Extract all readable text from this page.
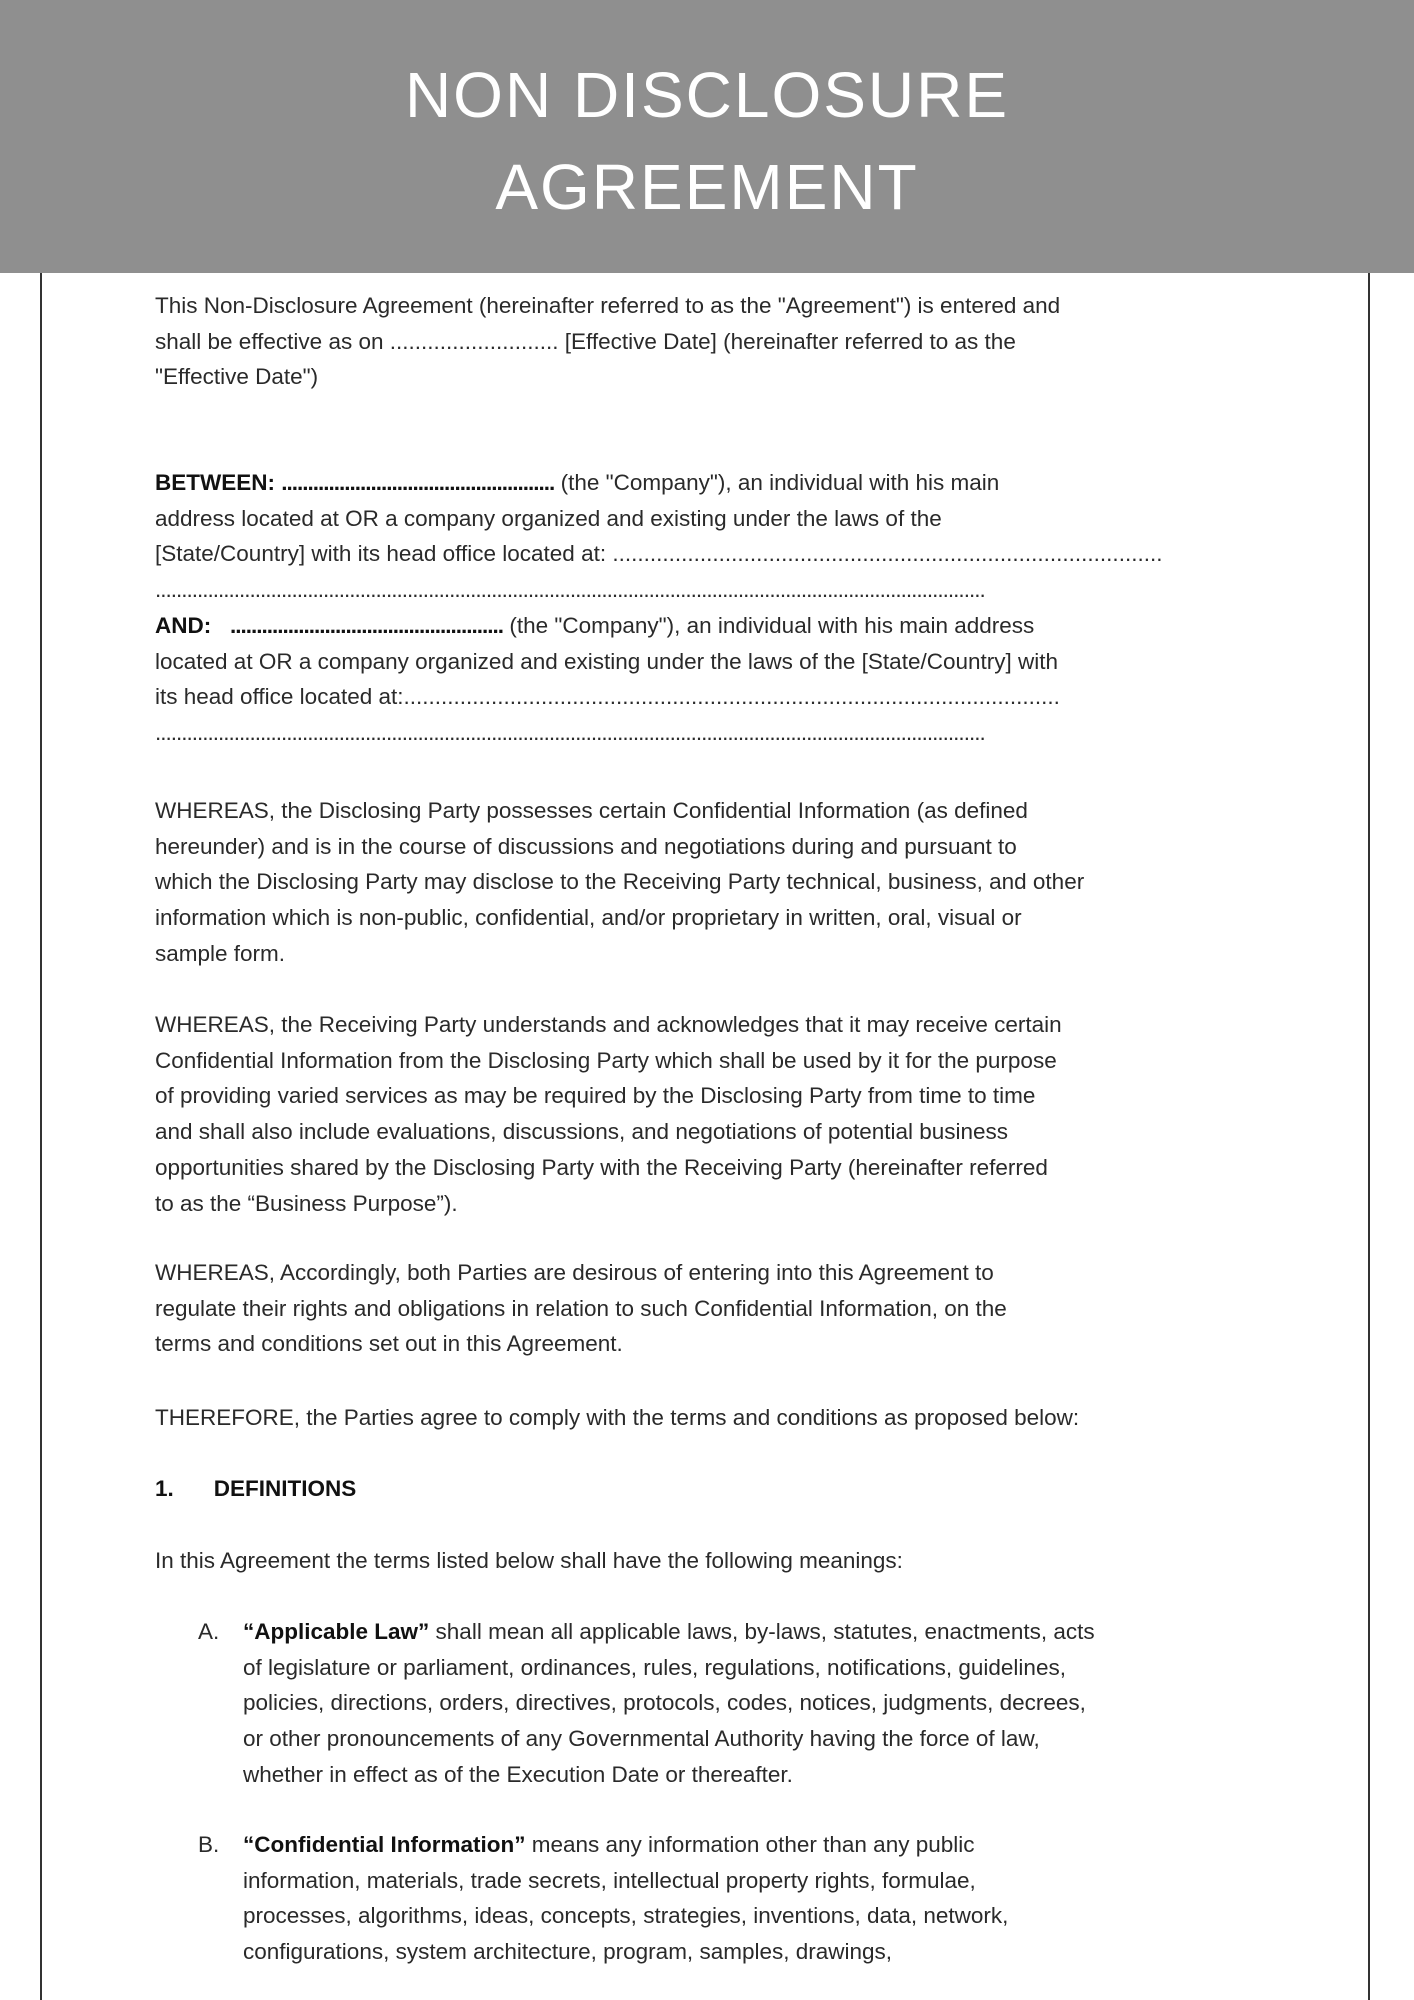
NON DISCLOSURE
AGREEMENT
This Non-Disclosure Agreement (hereinafter referred to as the "Agreement") is entered and
shall be effective as on ........................... [Effective Date] (hereinafter referred to as the
"Effective Date")
BETWEEN: .................................................... (the "Company"), an individual with his main
address located at OR a company organized and existing under the laws of the
[State/Country] with its head office located at: ........................................................................................
..............................................................................................................................................................
AND:   .................................................... (the "Company"), an individual with his main address
located at OR a company organized and existing under the laws of the [State/Country] with
its head office located at:.........................................................................................................
..............................................................................................................................................................
WHEREAS, the Disclosing Party possesses certain Confidential Information (as defined
hereunder) and is in the course of discussions and negotiations during and pursuant to
which the Disclosing Party may disclose to the Receiving Party technical, business, and other
information which is non-public, confidential, and/or proprietary in written, oral, visual or
sample form.
WHEREAS, the Receiving Party understands and acknowledges that it may receive certain
Confidential Information from the Disclosing Party which shall be used by it for the purpose
of providing varied services as may be required by the Disclosing Party from time to time
and shall also include evaluations, discussions, and negotiations of potential business
opportunities shared by the Disclosing Party with the Receiving Party (hereinafter referred
to as the “Business Purpose”).
WHEREAS, Accordingly, both Parties are desirous of entering into this Agreement to
regulate their rights and obligations in relation to such Confidential Information, on the
terms and conditions set out in this Agreement.
THEREFORE, the Parties agree to comply with the terms and conditions as proposed below:
1. DEFINITIONS
In this Agreement the terms listed below shall have the following meanings:
A. “Applicable Law” shall mean all applicable laws, by-laws, statutes, enactments, acts
of legislature or parliament, ordinances, rules, regulations, notifications, guidelines,
policies, directions, orders, directives, protocols, codes, notices, judgments, decrees,
or other pronouncements of any Governmental Authority having the force of law,
whether in effect as of the Execution Date or thereafter.
B. “Confidential Information” means any information other than any public
information, materials, trade secrets, intellectual property rights, formulae,
processes, algorithms, ideas, concepts, strategies, inventions, data, network,
configurations, system architecture, program, samples, drawings,
